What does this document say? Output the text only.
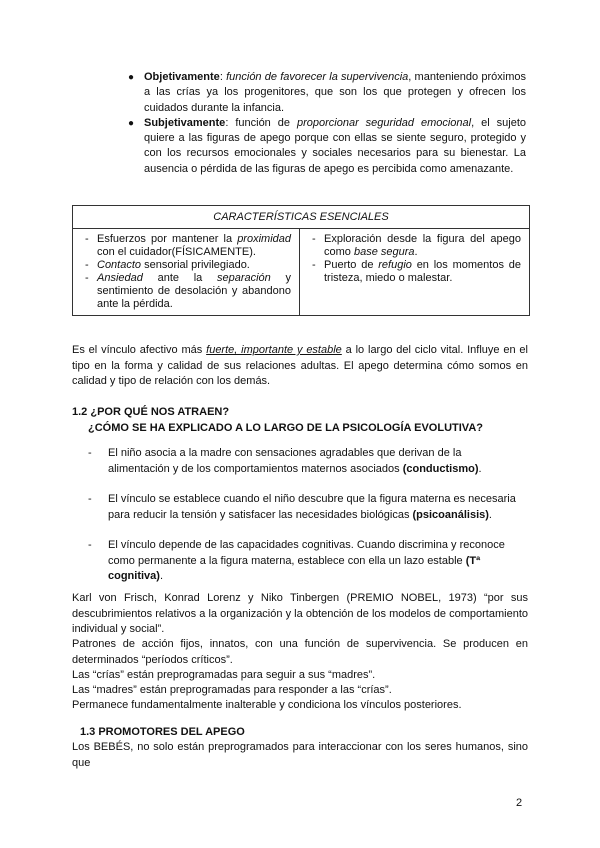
● Objetivamente: función de favorecer la supervivencia, manteniendo próximos a las crías ya los progenitores, que son los que protegen y ofrecen los cuidados durante la infancia.
● Subjetivamente: función de proporcionar seguridad emocional, el sujeto quiere a las figuras de apego porque con ellas se siente seguro, protegido y con los recursos emocionales y sociales necesarios para su bienestar. La ausencia o pérdida de las figuras de apego es percibida como amenazante.
CARACTERÍSTICAS ESENCIALES
- Esfuerzos por mantener la proximidad con el cuidador(FÍSICAMENTE).
- Contacto sensorial privilegiado.
- Ansiedad ante la separación y sentimiento de desolación y abandono ante la pérdida.
- Exploración desde la figura del apego como base segura.
- Puerto de refugio en los momentos de tristeza, miedo o malestar.
Es el vínculo afectivo más fuerte, importante y estable a lo largo del ciclo vital. Influye en el tipo en la forma y calidad de sus relaciones adultas. El apego determina cómo somos en calidad y tipo de relación con los demás.
1.2 ¿POR QUÉ NOS ATRAEN?
¿CÓMO SE HA EXPLICADO A LO LARGO DE LA PSICOLOGÍA EVOLUTIVA?
- El niño asocia a la madre con sensaciones agradables que derivan de la alimentación y de los comportamientos maternos asociados (conductismo).
- El vínculo se establece cuando el niño descubre que la figura materna es necesaria para reducir la tensión y satisfacer las necesidades biológicas (psicoanálisis).
- El vínculo depende de las capacidades cognitivas. Cuando discrimina y reconoce como permanente a la figura materna, establece con ella un lazo estable (Tª cognitiva).
Karl von Frisch, Konrad Lorenz y Niko Tinbergen (PREMIO NOBEL, 1973) “por sus descubrimientos relativos a la organización y la obtención de los modelos de comportamiento individual y social”.
Patrones de acción fijos, innatos, con una función de supervivencia. Se producen en determinados “períodos críticos”.
Las “crías” están preprogramadas para seguir a sus “madres”.
Las “madres” están preprogramadas para responder a las “crías”.
Permanece fundamentalmente inalterable y condiciona los vínculos posteriores.
1.3 PROMOTORES DEL APEGO
Los BEBÉS, no solo están preprogramados para interaccionar con los seres humanos, sino que
2
